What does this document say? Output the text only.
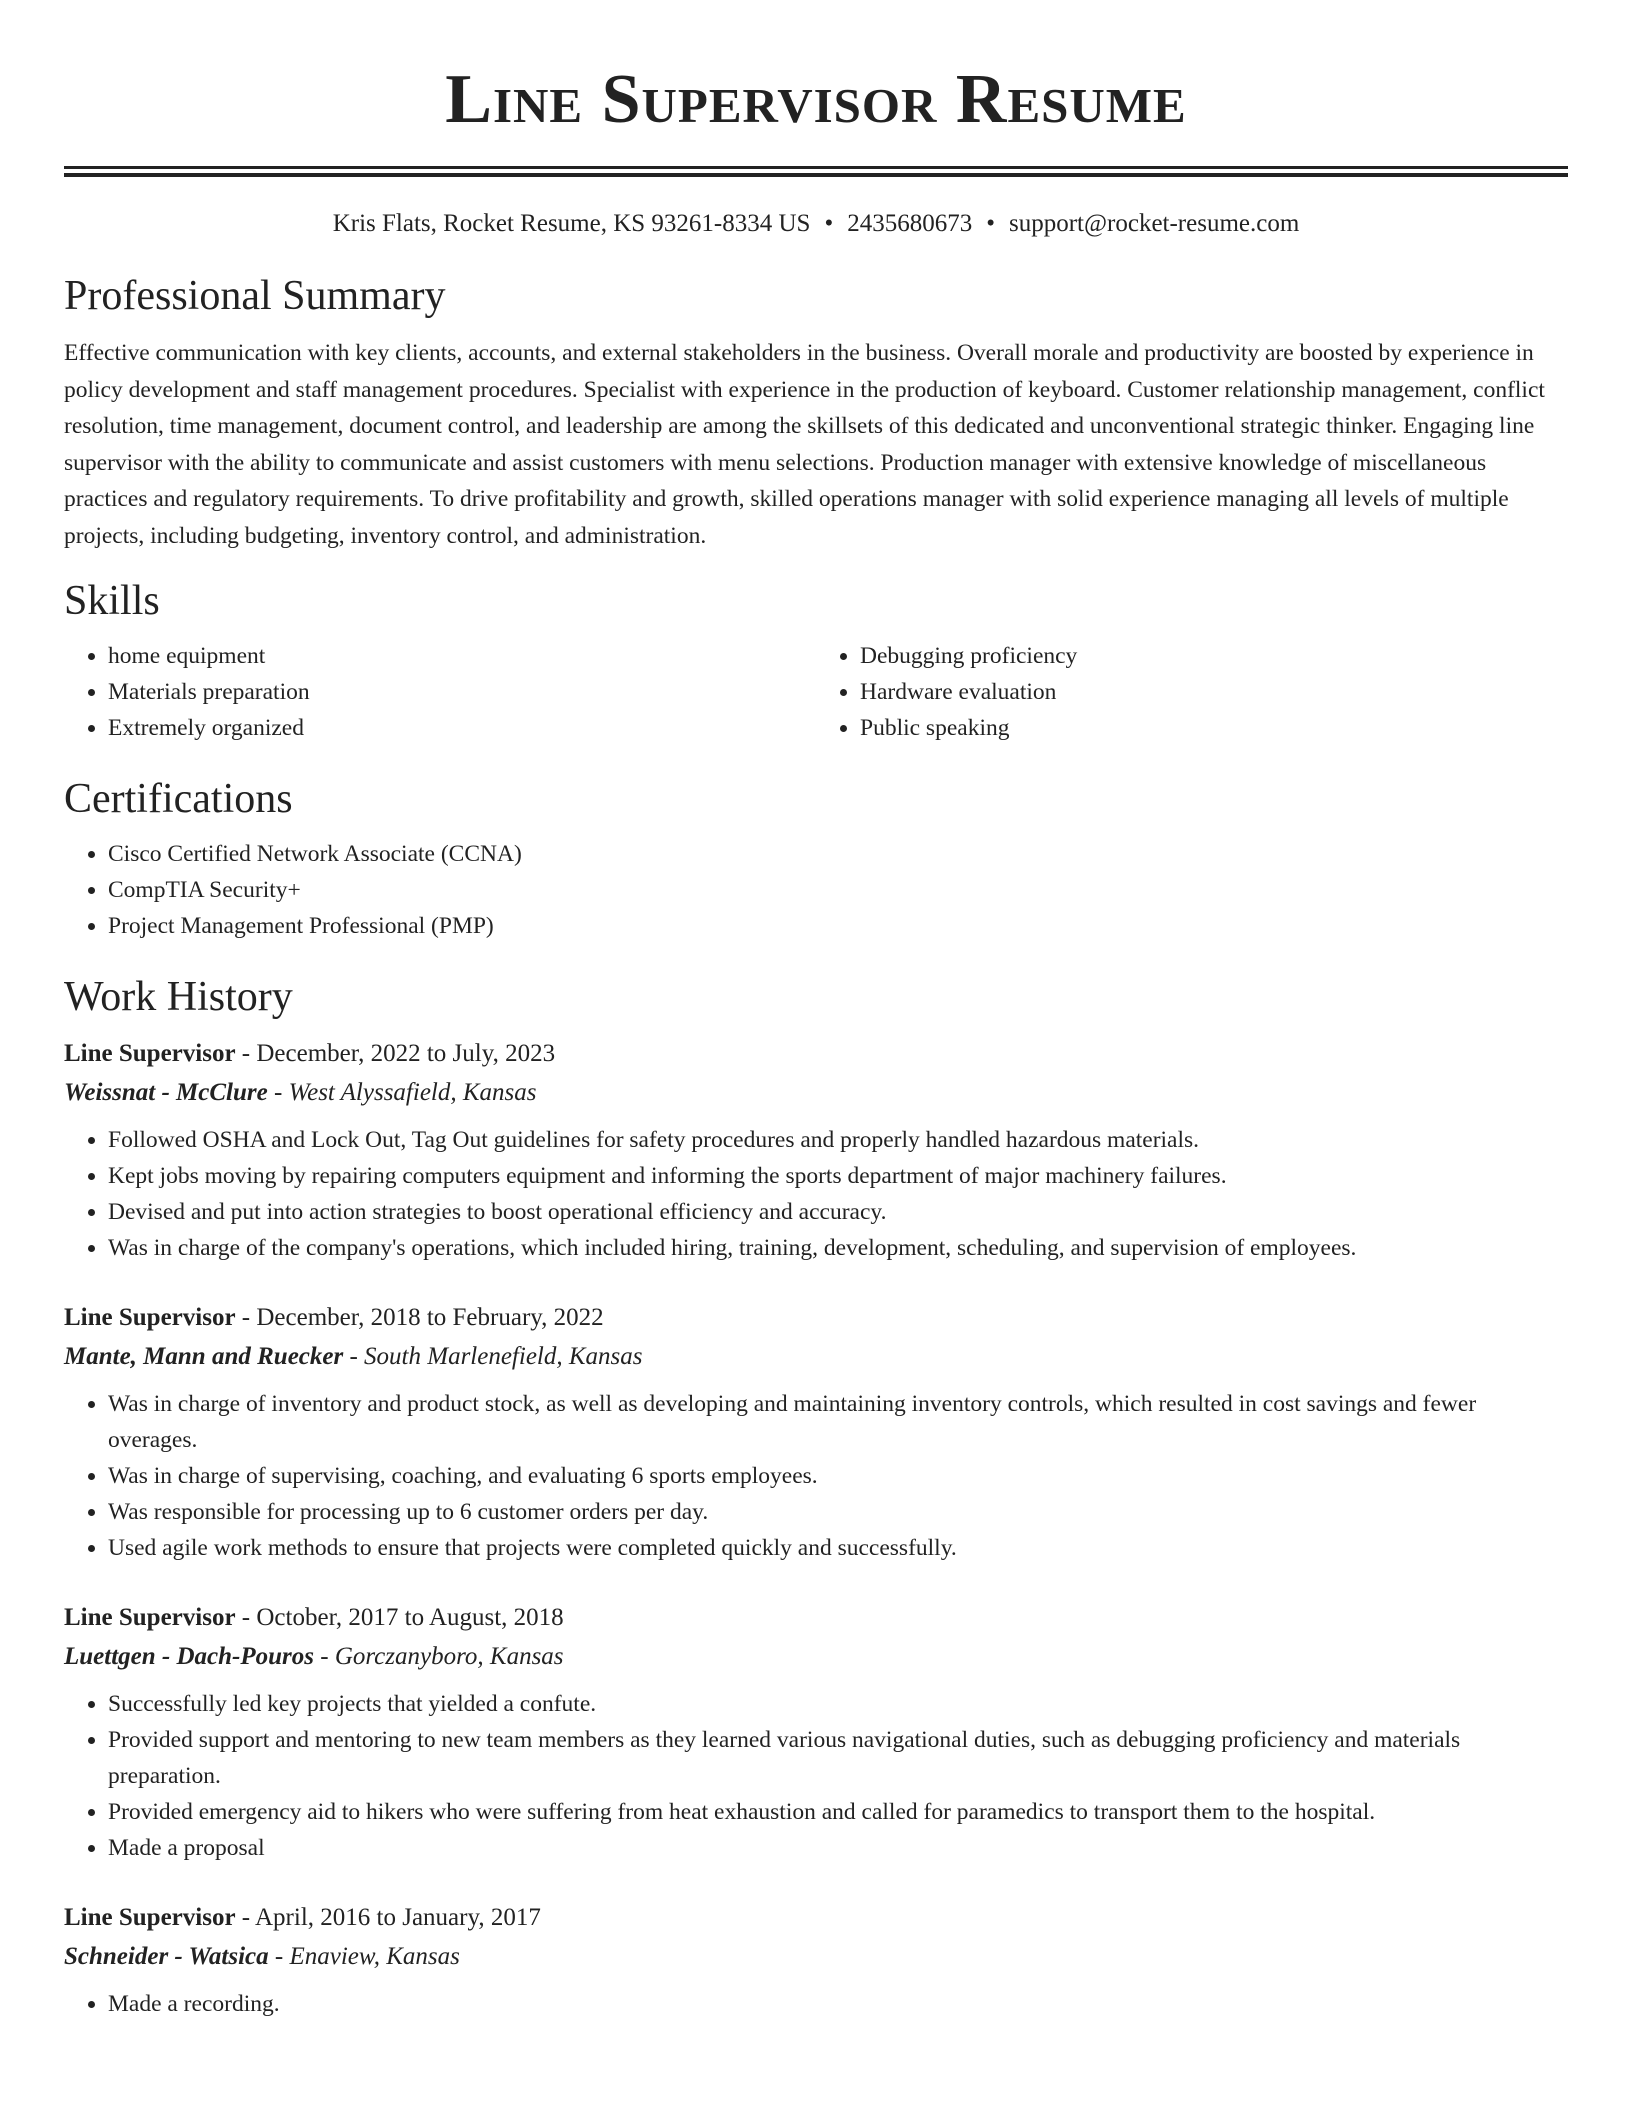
Line Supervisor Resume
Kris Flats, Rocket Resume, KS 93261-8334 US • 2435680673 • support@rocket-resume.com
Professional Summary

Effective communication with key clients, accounts, and external stakeholders in the business. Overall morale and productivity are boosted by experience in policy development and staff management procedures. Specialist with experience in the production of keyboard. Customer relationship management, conflict resolution, time management, document control, and leadership are among the skillsets of this dedicated and unconventional strategic thinker. Engaging line supervisor with the ability to communicate and assist customers with menu selections. Production manager with extensive knowledge of miscellaneous practices and regulatory requirements. To drive profitability and growth, skilled operations manager with solid experience managing all levels of multiple projects, including budgeting, inventory control, and administration.

Skills
• home equipment
• Materials preparation
• Extremely organized
• Debugging proficiency
• Hardware evaluation
• Public speaking
Certifications
• Cisco Certified Network Associate (CCNA)
• CompTIA Security+
• Project Management Professional (PMP)
Work History
Line Supervisor - December, 2022 to July, 2023
Weissnat - McClure - West Alyssafield, Kansas
• Followed OSHA and Lock Out, Tag Out guidelines for safety procedures and properly handled hazardous materials.
• Kept jobs moving by repairing computers equipment and informing the sports department of major machinery failures.
• Devised and put into action strategies to boost operational efficiency and accuracy.
• Was in charge of the company's operations, which included hiring, training, development, scheduling, and supervision of employees.
Line Supervisor - December, 2018 to February, 2022
Mante, Mann and Ruecker - South Marlenefield, Kansas
• Was in charge of inventory and product stock, as well as developing and maintaining inventory controls, which resulted in cost savings and fewer overages.
• Was in charge of supervising, coaching, and evaluating 6 sports employees.
• Was responsible for processing up to 6 customer orders per day.
• Used agile work methods to ensure that projects were completed quickly and successfully.
Line Supervisor - October, 2017 to August, 2018
Luettgen - Dach-Pouros - Gorczanyboro, Kansas
• Successfully led key projects that yielded a confute.
• Provided support and mentoring to new team members as they learned various navigational duties, such as debugging proficiency and materials preparation.
• Provided emergency aid to hikers who were suffering from heat exhaustion and called for paramedics to transport them to the hospital.
• Made a proposal
Line Supervisor - April, 2016 to January, 2017
Schneider - Watsica - Enaview, Kansas
• Made a recording.
